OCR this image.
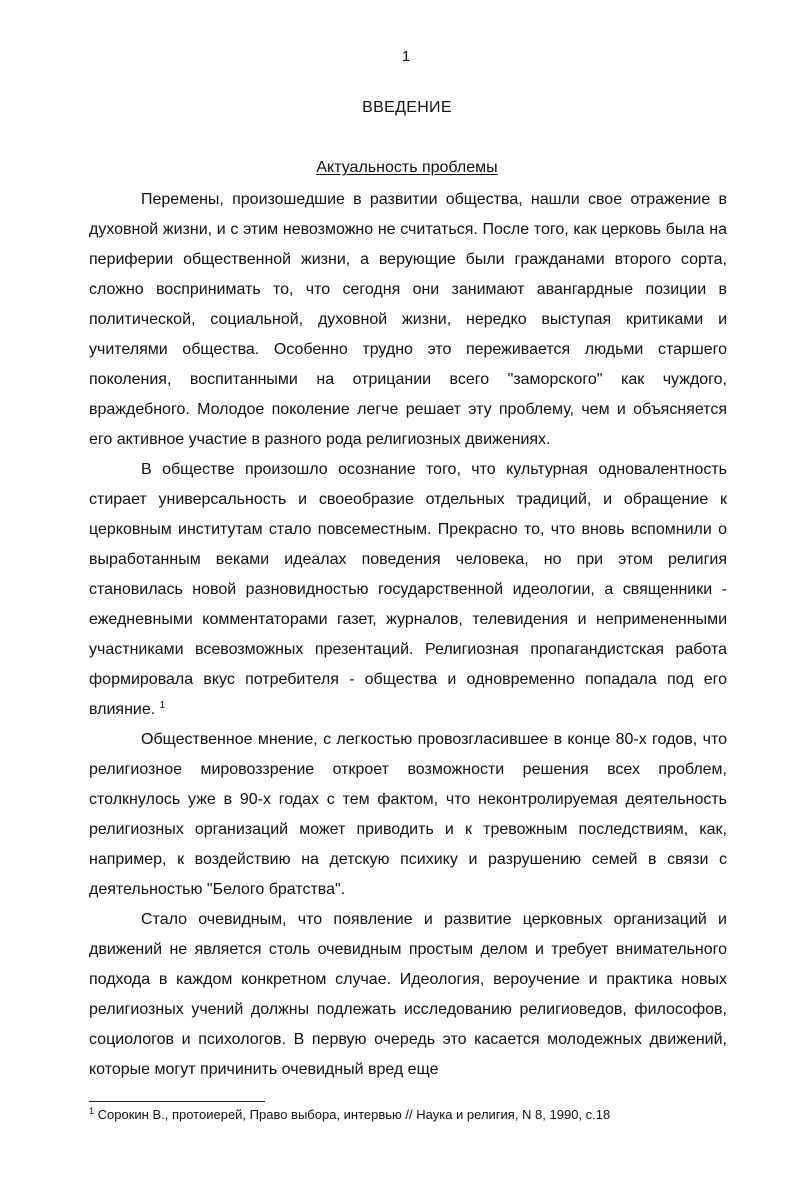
1
ВВЕДЕНИЕ
Актуальность проблемы

Перемены, произошедшие в развитии общества, нашли свое отражение в духовной жизни, и с этим невозможно не считаться. После того, как церковь была на периферии общественной жизни, а верующие были гражданами второго сорта, сложно воспринимать то, что сегодня они занимают авангардные позиции в политической, социальной, духовной жизни, нередко выступая критиками и учителями общества. Особенно трудно это переживается людьми старшего поколения, воспитанными на отрицании всего "заморского" как чуждого, враждебного. Молодое поколение легче решает эту проблему, чем и объясняется его активное участие в разного рода религиозных движениях.

В обществе произошло осознание того, что культурная одновалентность стирает универсальность и своеобразие отдельных традиций, и обращение к церковным институтам стало повсеместным. Прекрасно то, что вновь вспомнили о выработанным веками идеалах поведения человека, но при этом религия становилась новой разновидностью государственной идеологии, а священники - ежедневными комментаторами газет, журналов, телевидения и непримененными участниками всевозможных презентаций. Религиозная пропагандистская работа формировала вкус потребителя - общества и одновременно попадала под его влияние. $^1$

Общественное мнение, с легкостью провозгласившее в конце 80-х годов, что религиозное мировоззрение откроет возможности решения всех проблем, столкнулось уже в 90-х годах с тем фактом, что неконтролируемая деятельность религиозных организаций может приводить и к тревожным последствиям, как, например, к воздействию на детскую психику и разрушению семей в связи с деятельностью "Белого братства".

Стало очевидным, что появление и развитие церковных организаций и движений не является столь очевидным простым делом и требует внимательного подхода в каждом конкретном случае. Идеология, вероучение и практика новых религиозных учений должны подлежать исследованию религиоведов, философов, социологов и психологов. В первую очередь это касается молодежных движений, которые могут причинить очевидный вред еще

$^1$ Сорокин В., протоиерей, Право выбора, интервью // Наука и религия, N 8, 1990, с.18
